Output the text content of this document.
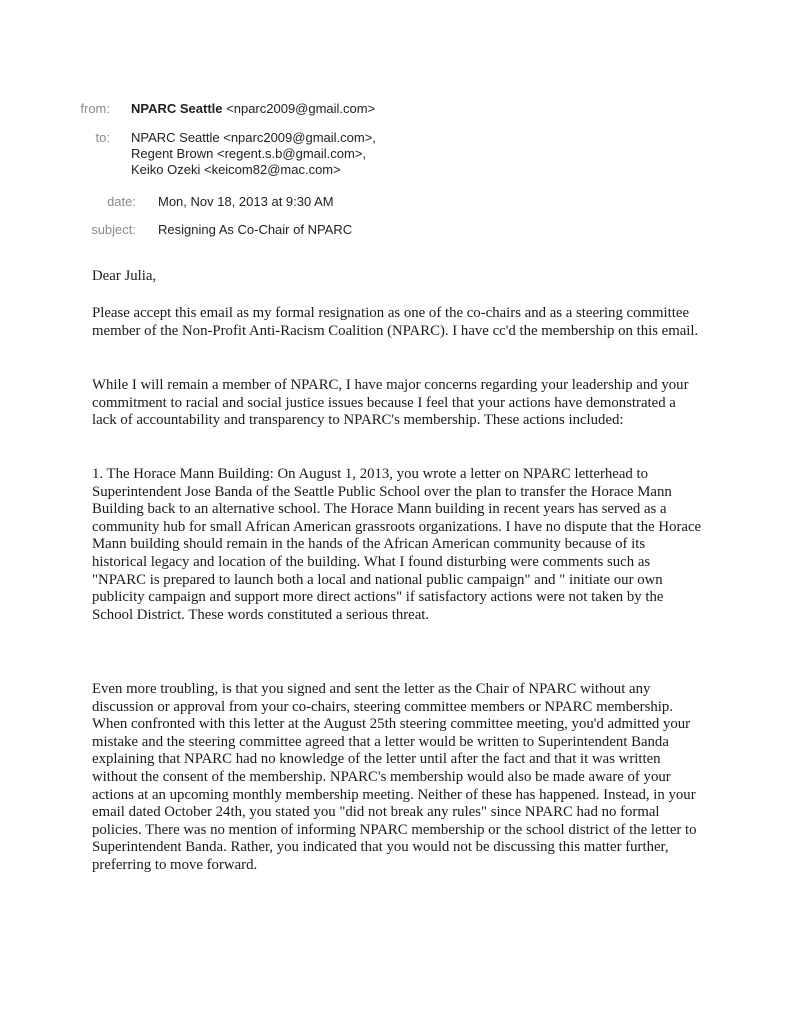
from: NPARC Seattle <nparc2009@gmail.com>
to: NPARC Seattle <nparc2009@gmail.com>,
Regent Brown <regent.s.b@gmail.com>,
Keiko Ozeki <keicom82@mac.com>
date: Mon, Nov 18, 2013 at 9:30 AM
subject: Resigning As Co-Chair of NPARC

Dear Julia,

Please accept this email as my formal resignation as one of the co-chairs and as a steering committee member of the Non-Profit Anti-Racism Coalition (NPARC). I have cc'd the membership on this email.

While I will remain a member of NPARC, I have major concerns regarding your leadership and your commitment to racial and social justice issues because I feel that your actions have demonstrated a lack of accountability and transparency to NPARC's membership. These actions included:

1. The Horace Mann Building: On August 1, 2013, you wrote a letter on NPARC letterhead to Superintendent Jose Banda of the Seattle Public School over the plan to transfer the Horace Mann Building back to an alternative school. The Horace Mann building in recent years has served as a community hub for small African American grassroots organizations. I have no dispute that the Horace Mann building should remain in the hands of the African American community because of its historical legacy and location of the building. What I found disturbing were comments such as "NPARC is prepared to launch both a local and national public campaign" and " initiate our own publicity campaign and support more direct actions" if satisfactory actions were not taken by the School District. These words constituted a serious threat.

Even more troubling, is that you signed and sent the letter as the Chair of NPARC without any discussion or approval from your co-chairs, steering committee members or NPARC membership. When confronted with this letter at the August 25th steering committee meeting, you'd admitted your mistake and the steering committee agreed that a letter would be written to Superintendent Banda explaining that NPARC had no knowledge of the letter until after the fact and that it was written without the consent of the membership. NPARC's membership would also be made aware of your actions at an upcoming monthly membership meeting. Neither of these has happened. Instead, in your email dated October 24th, you stated you "did not break any rules" since NPARC had no formal policies. There was no mention of informing NPARC membership or the school district of the letter to Superintendent Banda. Rather, you indicated that you would not be discussing this matter further, preferring to move forward.
